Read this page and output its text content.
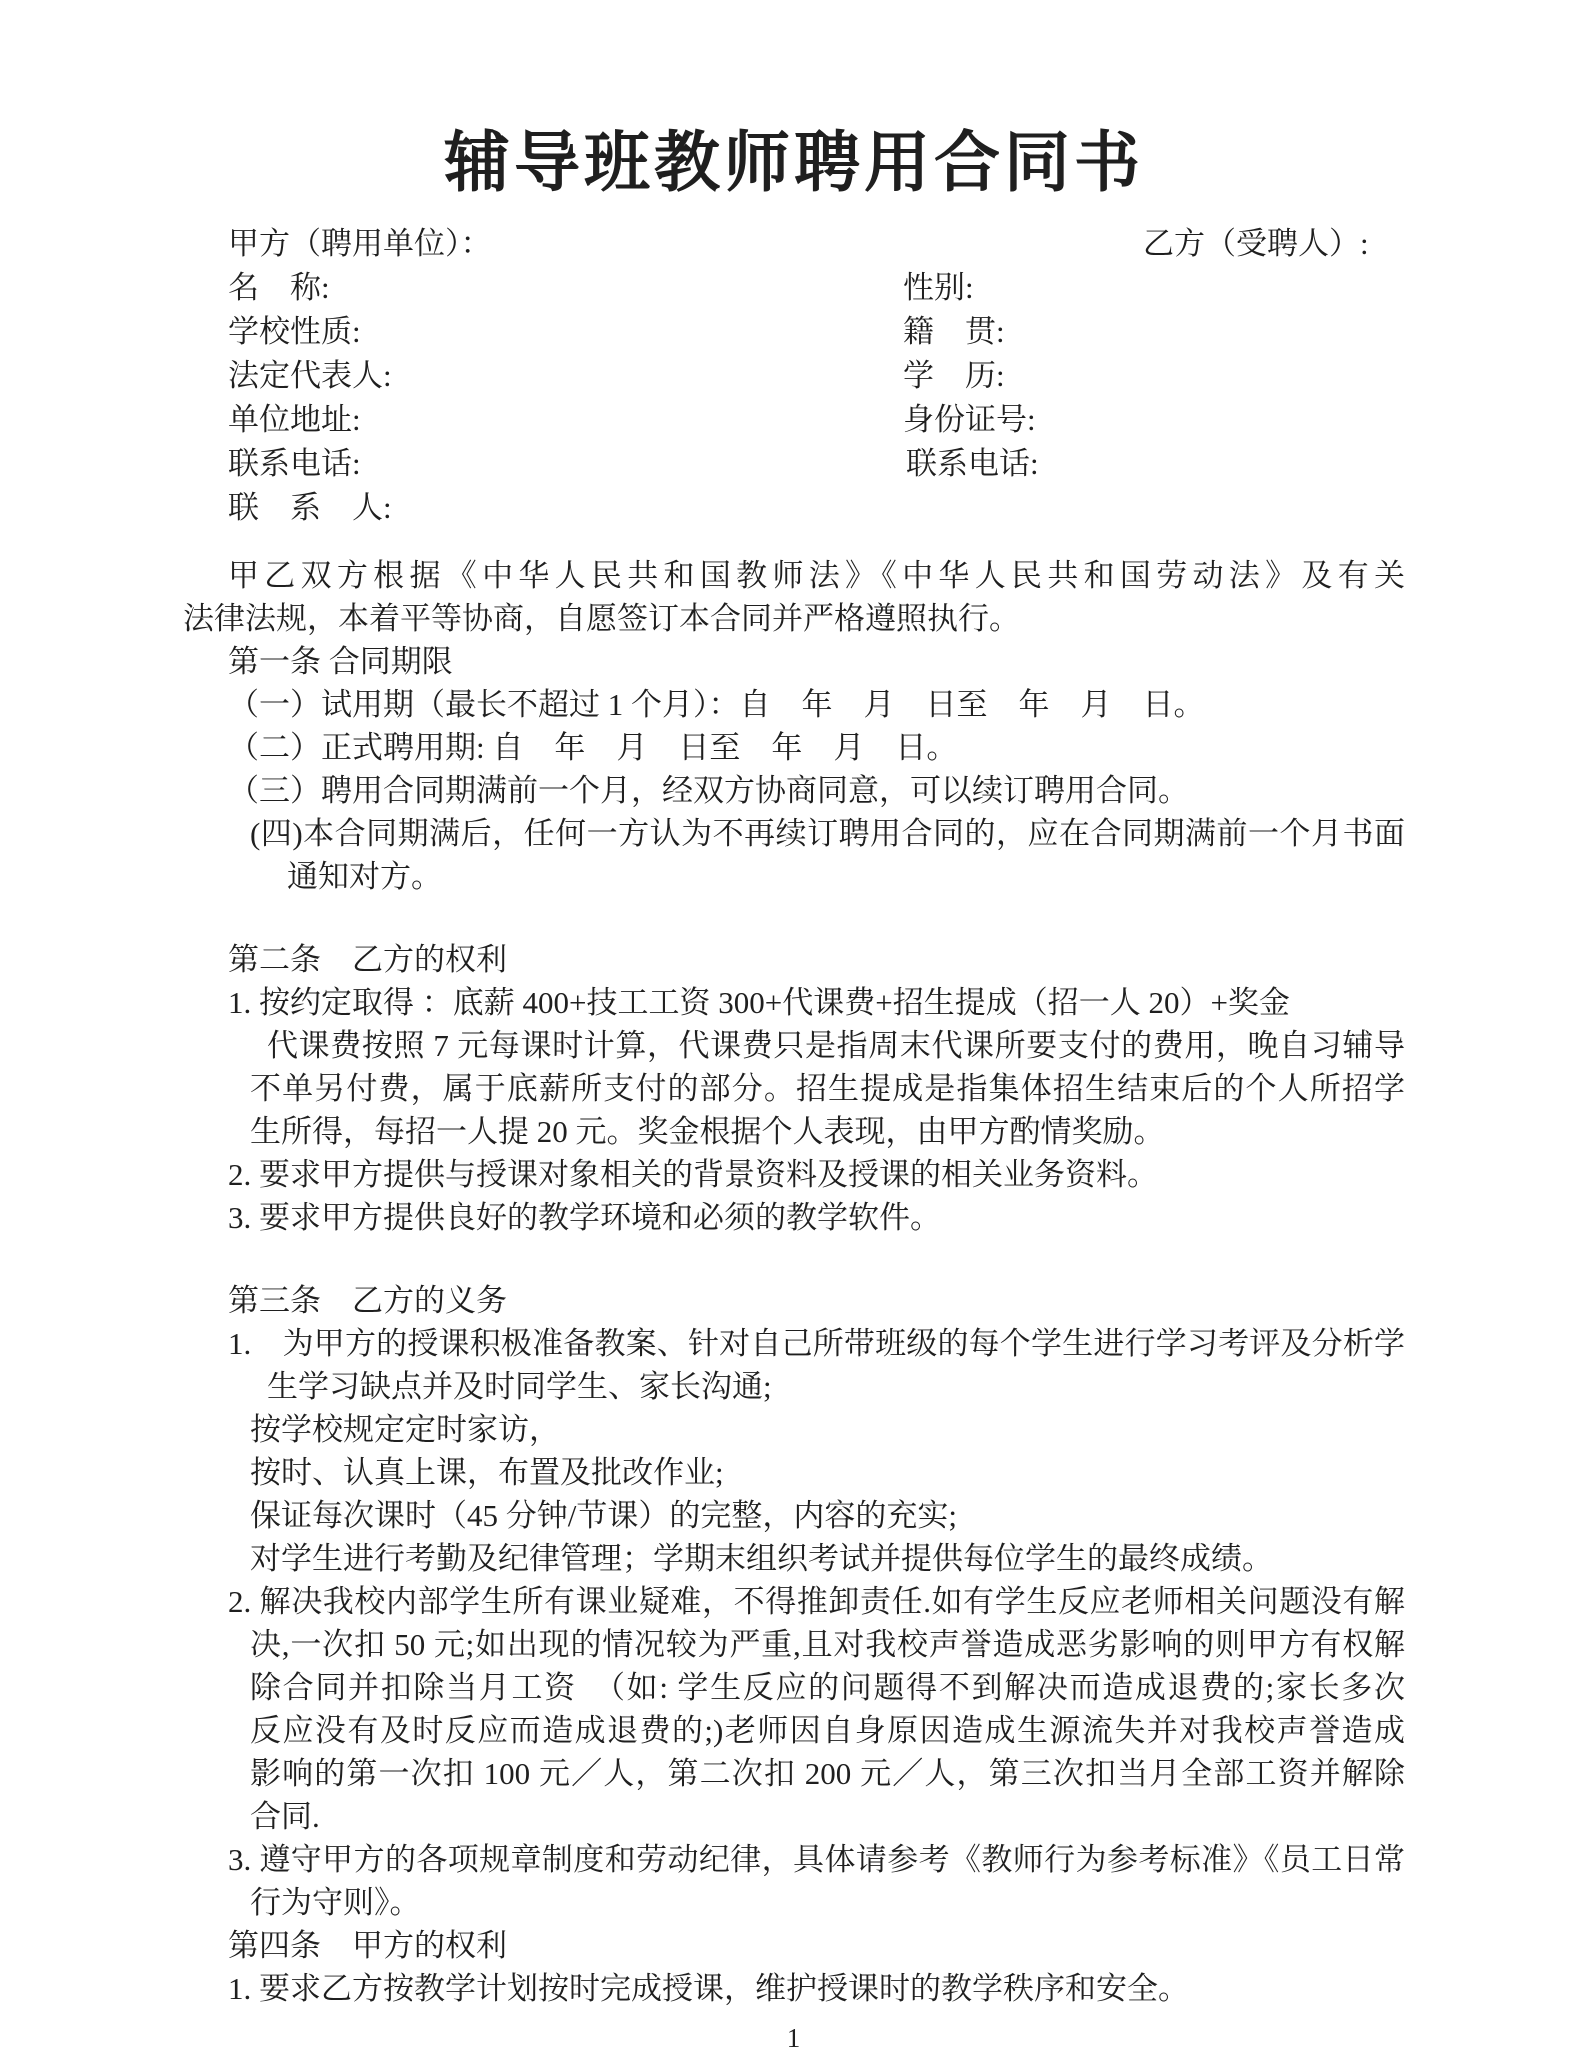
辅导班教师聘用合同书
甲方（聘用单位）：	乙方（受聘人）:
名　称:	性别:
学校性质:	籍　贯:
法定代表人:	学　历:
单位地址:	身份证号:
联系电话:	联系电话:
联　系　人:
甲乙双方根据《中华人民共和国教师法》《中华人民共和国劳动法》及有关
法律法规，本着平等协商，自愿签订本合同并严格遵照执行。
第一条 合同期限
（一）试用期（最长不超过 1 个月）：自　年　月　日至　年　月　日。
（二）正式聘用期: 自　年　月　日至　年　月　日。
（三）聘用合同期满前一个月，经双方协商同意，可以续订聘用合同。
(四)本合同期满后，任何一方认为不再续订聘用合同的，应在合同期满前一个月书面
通知对方。
第二条　乙方的权利
1. 按约定取得 ：底薪 400+技工工资 300+代课费+招生提成（招一人 20）+奖金
代课费按照 7 元每课时计算，代课费只是指周末代课所要支付的费用，晚自习辅导
不单另付费，属于底薪所支付的部分。招生提成是指集体招生结束后的个人所招学
生所得，每招一人提 20 元。奖金根据个人表现，由甲方酌情奖励。
2. 要求甲方提供与授课对象相关的背景资料及授课的相关业务资料。
3. 要求甲方提供良好的教学环境和必须的教学软件。
第三条　乙方的义务
1.　为甲方的授课积极准备教案、针对自己所带班级的每个学生进行学习考评及分析学
生学习缺点并及时同学生、家长沟通;
按学校规定定时家访，
按时、认真上课，布置及批改作业;
保证每次课时（45 分钟/节课）的完整，内容的充实;
对学生进行考勤及纪律管理；学期末组织考试并提供每位学生的最终成绩。
2. 解决我校内部学生所有课业疑难，不得推卸责任.如有学生反应老师相关问题没有解
决,一次扣 50 元;如出现的情况较为严重,且对我校声誉造成恶劣影响的则甲方有权解
除合同并扣除当月工资　（如: 学生反应的问题得不到解决而造成退费的;家长多次
反应没有及时反应而造成退费的;)老师因自身原因造成生源流失并对我校声誉造成
影响的第一次扣 100 元／人，第二次扣 200 元／人，第三次扣当月全部工资并解除
合同.
3. 遵守甲方的各项规章制度和劳动纪律，具体请参考《教师行为参考标准》《员工日常
行为守则》。
第四条　甲方的权利
1. 要求乙方按教学计划按时完成授课，维护授课时的教学秩序和安全。
1
